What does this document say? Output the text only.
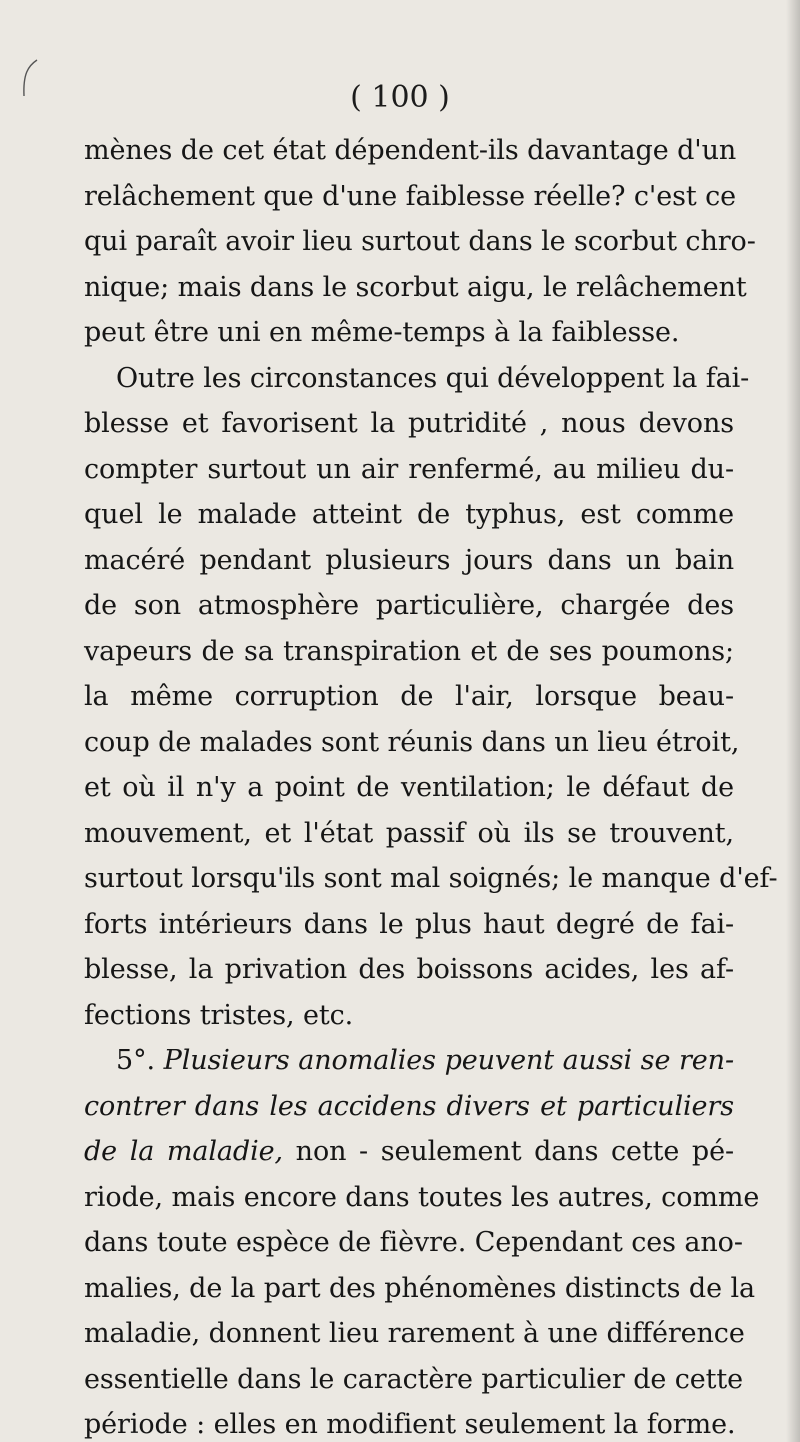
( 100 )
mènes de cet état dépendent-ils davantage d'un
relâchement que d'une faiblesse réelle? c'est ce
qui paraît avoir lieu surtout dans le scorbut chro-
nique; mais dans le scorbut aigu, le relâchement
peut être uni en même-temps à la faiblesse.
Outre les circonstances qui développent la fai-
blesse et favorisent la putridité , nous devons
compter surtout un air renfermé, au milieu du-
quel le malade atteint de typhus, est comme
macéré pendant plusieurs jours dans un bain
de son atmosphère particulière, chargée des
vapeurs de sa transpiration et de ses poumons;
la même corruption de l'air, lorsque beau-
coup de malades sont réunis dans un lieu étroit,
et où il n'y a point de ventilation; le défaut de
mouvement, et l'état passif où ils se trouvent,
surtout lorsqu'ils sont mal soignés; le manque d'ef-
forts intérieurs dans le plus haut degré de fai-
blesse, la privation des boissons acides, les af-
fections tristes, etc.
5°. Plusieurs anomalies peuvent aussi se ren-
contrer dans les accidens divers et particuliers
de la maladie, non - seulement dans cette pé-
riode, mais encore dans toutes les autres, comme
dans toute espèce de fièvre. Cependant ces ano-
malies, de la part des phénomènes distincts de la
maladie, donnent lieu rarement à une différence
essentielle dans le caractère particulier de cette
période : elles en modifient seulement la forme.
